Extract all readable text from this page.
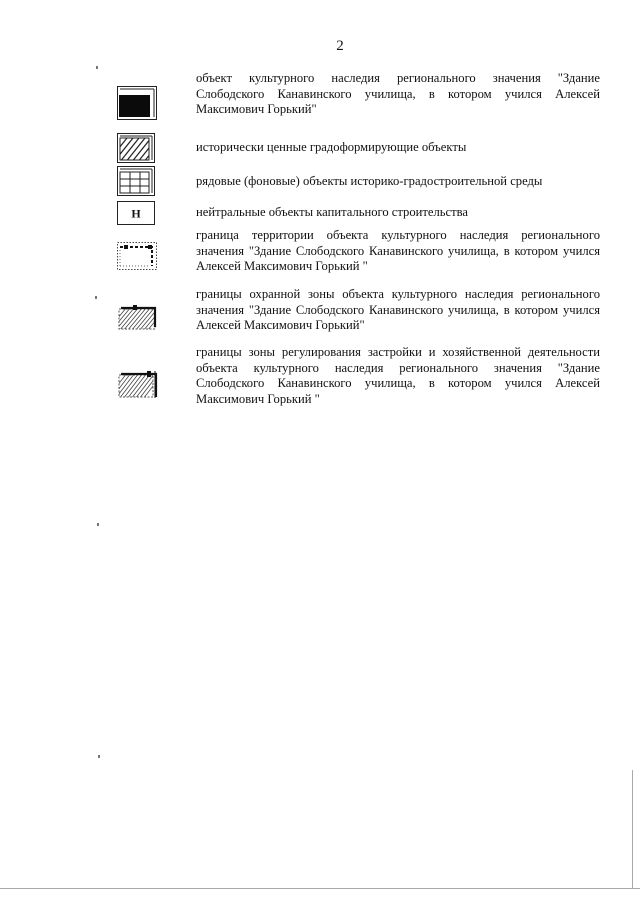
2
объект культурного наследия регионального значения "Здание Слободского Канавинского училища, в котором учился Алексей Максимович Горький"
исторически ценные градоформирующие объекты
рядовые (фоновые) объекты историко-градостроительной среды
Н	нейтральные объекты капитального строительства
граница территории объекта культурного наследия регионального значения "Здание Слободского Канавинского училища, в котором учился Алексей Максимович Горький "
границы охранной зоны объекта культурного наследия регионального значения "Здание Слободского Канавинского училища, в котором учился Алексей Максимович Горький"
границы зоны регулирования застройки и хозяйственной деятельности объекта культурного наследия регионального значения "Здание Слободского Канавинского училища, в котором учился Алексей Максимович Горький "
